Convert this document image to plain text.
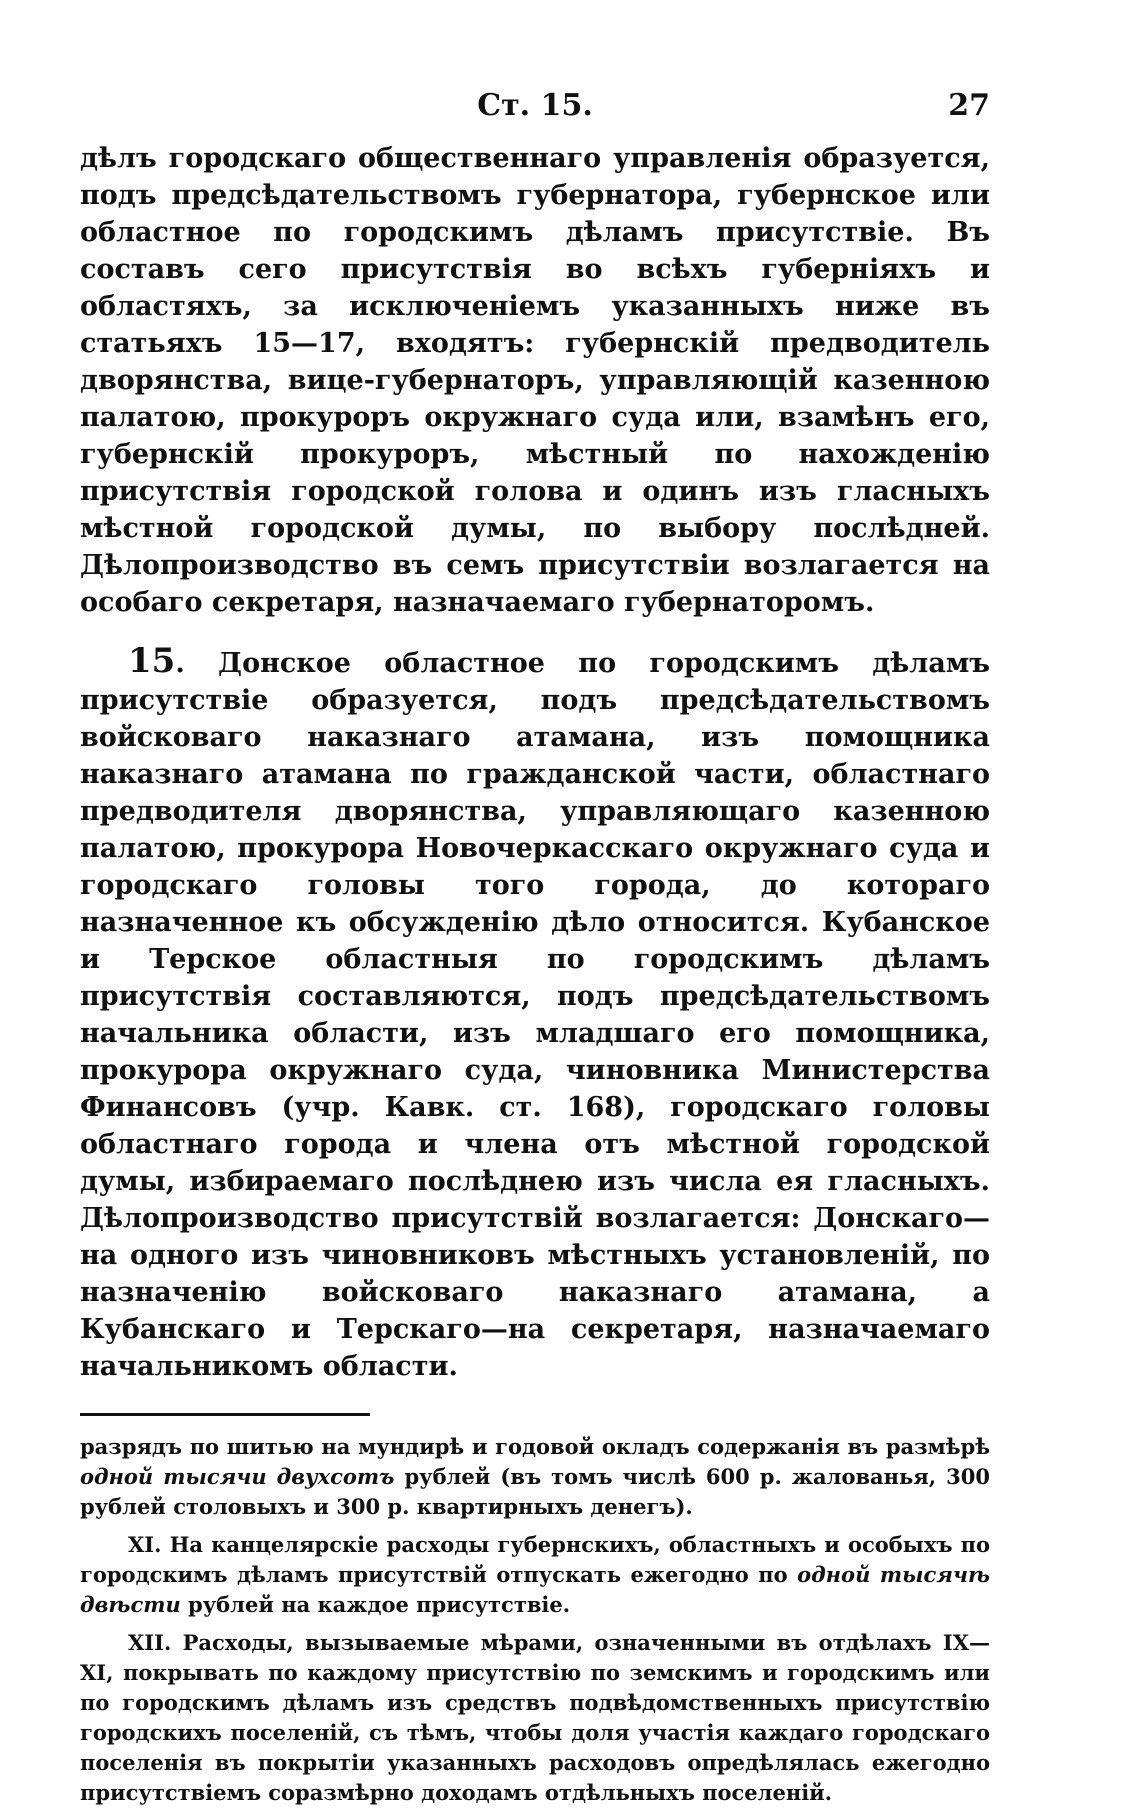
Ст. 15.	27

дѣлъ городскаго общественнаго управленія образуется, подъ предсѣдательствомъ губернатора, губернское или областное по городскимъ дѣламъ присутствіе. Въ составъ сего присутствія во всѣхъ губерніяхъ и областяхъ, за исключеніемъ указанныхъ ниже въ статьяхъ 15—17, входятъ: губернскій предводитель дворянства, вице-губернаторъ, управляющій казенною палатою, прокуроръ окружнаго суда или, взамѣнъ его, губернскій прокуроръ, мѣстный по нахожденію присутствія городской голова и одинъ изъ гласныхъ мѣстной городской думы, по выбору послѣдней. Дѣлопроизводство въ семъ присутствіи возлагается на особаго секретаря, назначаемаго губернаторомъ.

15. Донское областное по городскимъ дѣламъ присутствіе образуется, подъ предсѣдательствомъ войсковаго наказнаго атамана, изъ помощника наказнаго атамана по гражданской части, областнаго предводителя дворянства, управляющаго казенною палатою, прокурора Новочеркасскаго окружнаго суда и городскаго головы того города, до котораго назначенное къ обсужденію дѣло относится. Кубанское и Терское областныя по городскимъ дѣламъ присутствія составляются, подъ предсѣдательствомъ начальника области, изъ младшаго его помощника, прокурора окружнаго суда, чиновника Министерства Финансовъ (учр. Кавк. ст. 168), городскаго головы областнаго города и члена отъ мѣстной городской думы, избираемаго послѣднею изъ числа ея гласныхъ. Дѣлопроизводство присутствій возлагается: Донскаго—на одного изъ чиновниковъ мѣстныхъ установленій, по назначенію войсковаго наказнаго атамана, а Кубанскаго и Терскаго—на секретаря, назначаемаго начальникомъ области.

разрядъ по шитью на мундирѣ и годовой окладъ содержанія въ размѣрѣ одной тысячи двухсотъ рублей (въ томъ числѣ 600 р. жалованья, 300 рублей столовыхъ и 300 р. квартирныхъ денегъ).

XI. На канцелярскіе расходы губернскихъ, областныхъ и особыхъ по городскимъ дѣламъ присутствій отпускать ежегодно по одной тысячѣ двѣсти рублей на каждое присутствіе.

XII. Расходы, вызываемые мѣрами, означенными въ отдѣлахъ IX—XI, покрывать по каждому присутствію по земскимъ и городскимъ или по городскимъ дѣламъ изъ средствъ подвѣдомственныхъ присутствію городскихъ поселеній, съ тѣмъ, чтобы доля участія каждаго городскаго поселенія въ покрытіи указанныхъ расходовъ опредѣлялась ежегодно присутствіемъ соразмѣрно доходамъ отдѣльныхъ поселеній.
